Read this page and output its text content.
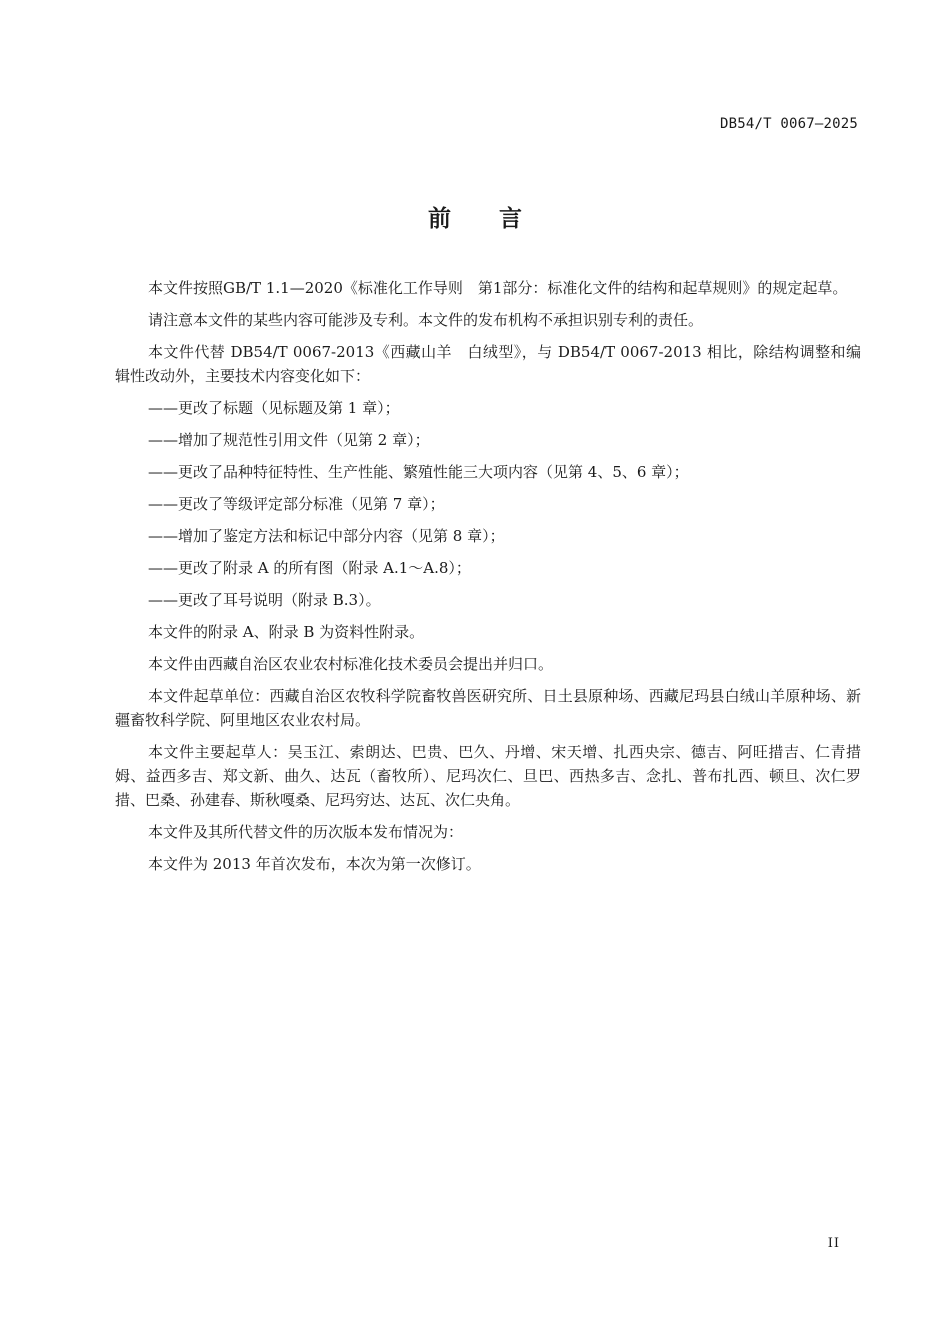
DB54/T 0067—2025
前言

本文件按照GB/T 1.1—2020《标准化工作导则　第1部分：标准化文件的结构和起草规则》的规定起草。

请注意本文件的某些内容可能涉及专利。本文件的发布机构不承担识别专利的责任。

本文件代替 DB54/T 0067-2013《西藏山羊　白绒型》，与 DB54/T 0067-2013 相比，除结构调整和编辑性改动外，主要技术内容变化如下：

——更改了标题（见标题及第 1 章）；

——增加了规范性引用文件（见第 2 章）；

——更改了品种特征特性、生产性能、繁殖性能三大项内容（见第 4、5、6 章）；

——更改了等级评定部分标准（见第 7 章）；

——增加了鉴定方法和标记中部分内容（见第 8 章）；

——更改了附录 A 的所有图（附录 A.1～A.8）；

——更改了耳号说明（附录 B.3）。

本文件的附录 A、附录 B 为资料性附录。

本文件由西藏自治区农业农村标准化技术委员会提出并归口。

本文件起草单位：西藏自治区农牧科学院畜牧兽医研究所、日土县原种场、西藏尼玛县白绒山羊原种场、新疆畜牧科学院、阿里地区农业农村局。

本文件主要起草人：吴玉江、索朗达、巴贵、巴久、丹增、宋天增、扎西央宗、德吉、阿旺措吉、仁青措姆、益西多吉、郑文新、曲久、达瓦（畜牧所）、尼玛次仁、旦巴、西热多吉、念扎、普布扎西、顿旦、次仁罗措、巴桑、孙建春、斯秋嘎桑、尼玛穷达、达瓦、次仁央角。

本文件及其所代替文件的历次版本发布情况为：

本文件为 2013 年首次发布，本次为第一次修订。

II
